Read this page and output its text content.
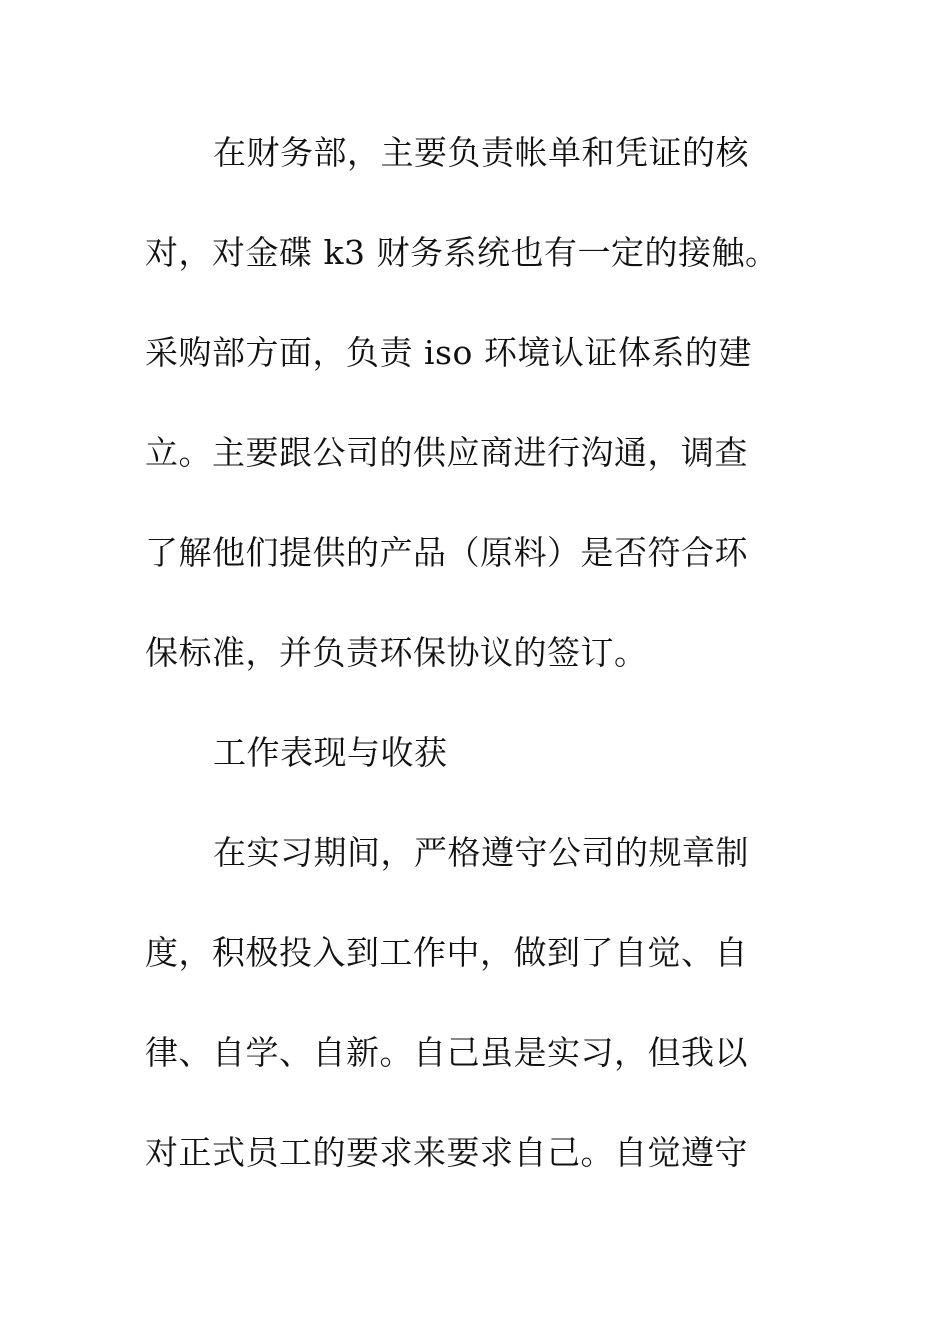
在财务部，主要负责帐单和凭证的核
对，对金碟 k3 财务系统也有一定的接触。
采购部方面，负责 iso 环境认证体系的建
立。主要跟公司的供应商进行沟通，调查
了解他们提供的产品（原料）是否符合环
保标准，并负责环保协议的签订。
工作表现与收获
在实习期间，严格遵守公司的规章制
度，积极投入到工作中，做到了自觉、自
律、自学、自新。自己虽是实习，但我以
对正式员工的要求来要求自己。自觉遵守
